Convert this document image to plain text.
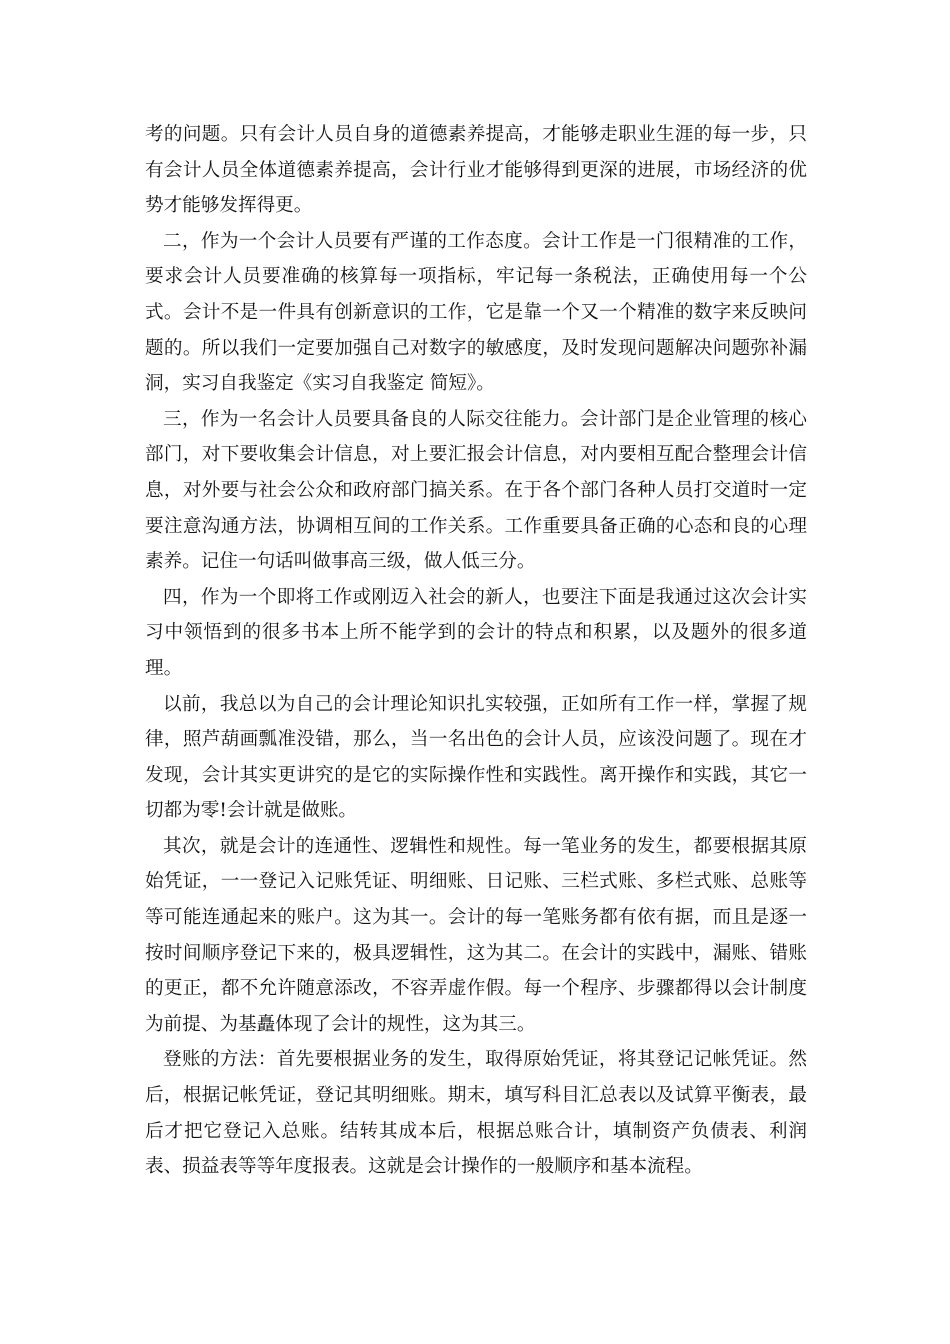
考的问题。只有会计人员自身的道德素养提高，才能够走职业生涯的每一步，只有会计人员全体道德素养提高，会计行业才能够得到更深的进展，市场经济的优势才能够发挥得更。

二，作为一个会计人员要有严谨的工作态度。会计工作是一门很精准的工作，要求会计人员要准确的核算每一项指标，牢记每一条税法，正确使用每一个公式。会计不是一件具有创新意识的工作，它是靠一个又一个精准的数字来反映问题的。所以我们一定要加强自己对数字的敏感度，及时发现问题解决问题弥补漏洞，实习自我鉴定《实习自我鉴定 简短》。

三，作为一名会计人员要具备良的人际交往能力。会计部门是企业管理的核心部门，对下要收集会计信息，对上要汇报会计信息，对内要相互配合整理会计信息，对外要与社会公众和政府部门搞关系。在于各个部门各种人员打交道时一定要注意沟通方法，协调相互间的工作关系。工作重要具备正确的心态和良的心理素养。记住一句话叫做事高三级，做人低三分。

四，作为一个即将工作或刚迈入社会的新人，也要注下面是我通过这次会计实习中领悟到的很多书本上所不能学到的会计的特点和积累，以及题外的很多道理。

以前，我总以为自己的会计理论知识扎实较强，正如所有工作一样，掌握了规律，照芦葫画瓢准没错，那么，当一名出色的会计人员，应该没问题了。现在才发现，会计其实更讲究的是它的实际操作性和实践性。离开操作和实践，其它一切都为零!会计就是做账。

其次，就是会计的连通性、逻辑性和规性。每一笔业务的发生，都要根据其原始凭证，一一登记入记账凭证、明细账、日记账、三栏式账、多栏式账、总账等等可能连通起来的账户。这为其一。会计的每一笔账务都有依有据，而且是逐一按时间顺序登记下来的，极具逻辑性，这为其二。在会计的实践中，漏账、错账的更正，都不允许随意添改，不容弄虚作假。每一个程序、步骤都得以会计制度为前提、为基矗体现了会计的规性，这为其三。

登账的方法：首先要根据业务的发生，取得原始凭证，将其登记记帐凭证。然后，根据记帐凭证，登记其明细账。期末，填写科目汇总表以及试算平衡表，最后才把它登记入总账。结转其成本后，根据总账合计，填制资产负债表、利润表、损益表等等年度报表。这就是会计操作的一般顺序和基本流程。
